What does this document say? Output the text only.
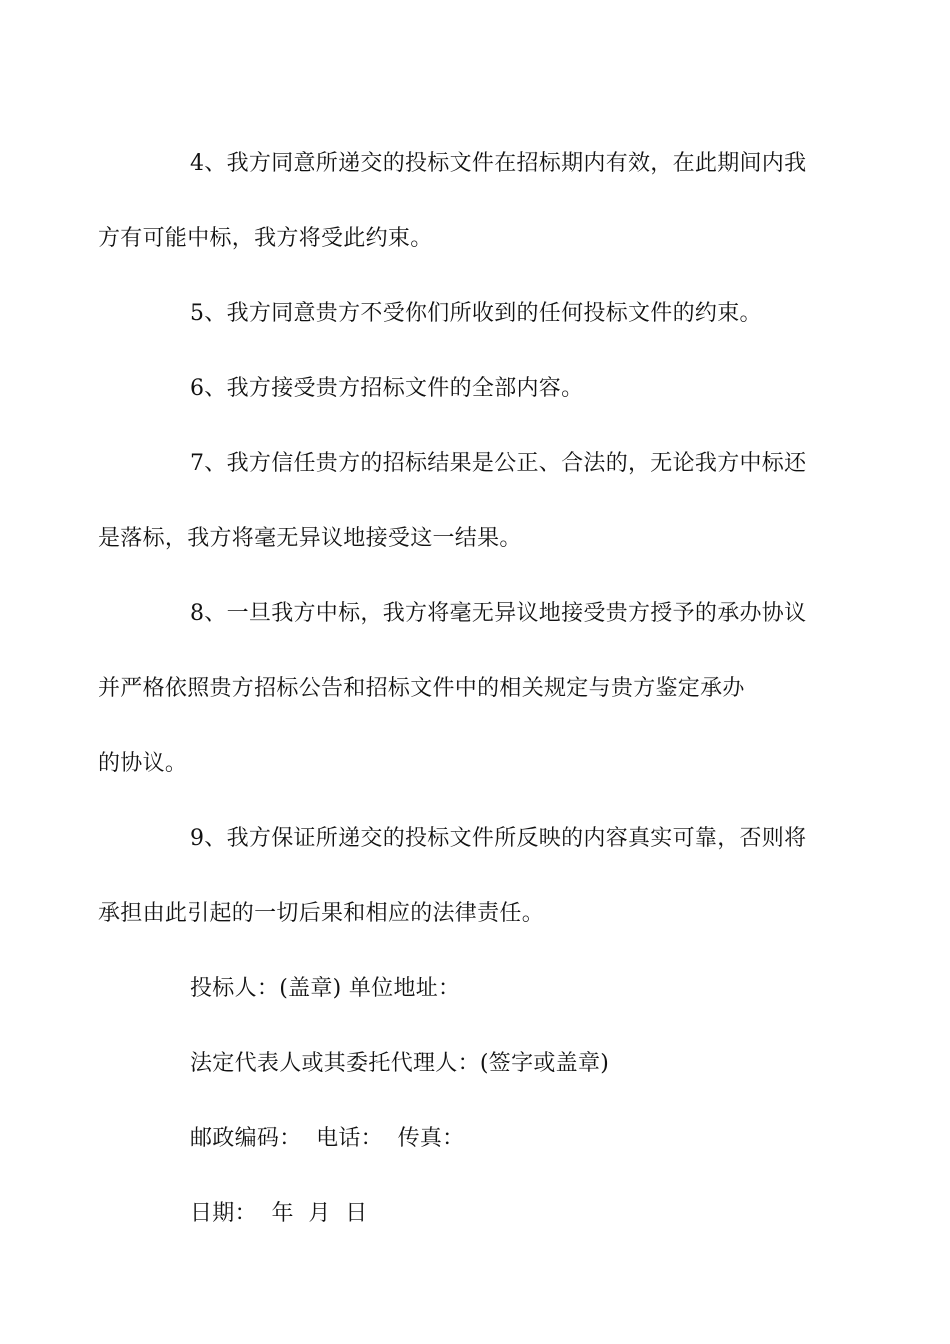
4、我方同意所递交的投标文件在招标期内有效，在此期间内我
方有可能中标，我方将受此约束。

5、我方同意贵方不受你们所收到的任何投标文件的约束。

6、我方接受贵方招标文件的全部内容。

7、我方信任贵方的招标结果是公正、合法的，无论我方中标还
是落标，我方将毫无异议地接受这一结果。

8、一旦我方中标，我方将毫无异议地接受贵方授予的承办协议
并严格依照贵方招标公告和招标文件中的相关规定与贵方鉴定承办
的协议。

9、我方保证所递交的投标文件所反映的内容真实可靠，否则将
承担由此引起的一切后果和相应的法律责任。

投标人：(盖章) 单位地址：

法定代表人或其委托代理人：(签字或盖章)

邮政编码：  电话：  传真：

日期：  年  月  日
